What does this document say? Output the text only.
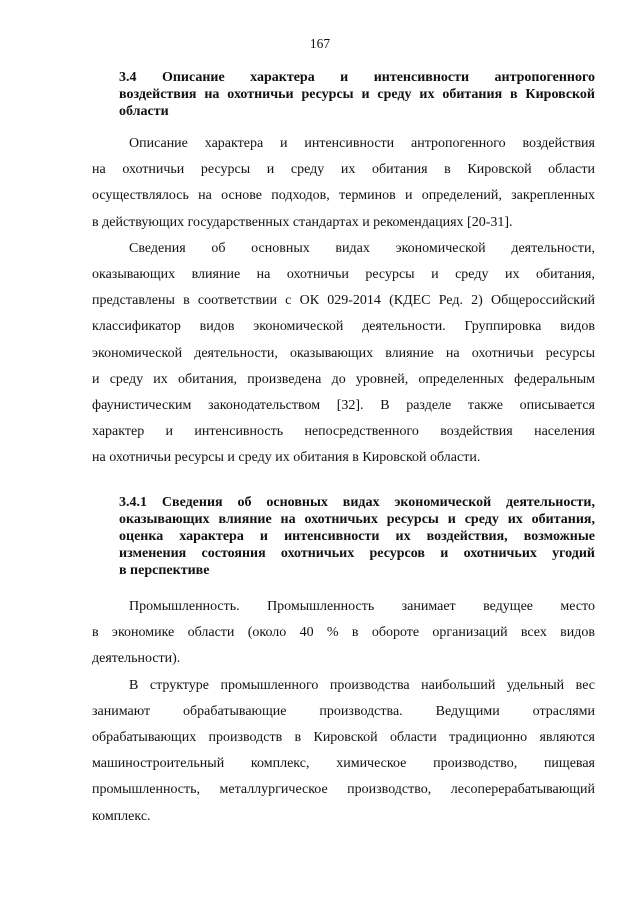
167
3.4 Описание характера и интенсивности антропогенного
воздействия на охотничьи ресурсы и среду их обитания в Кировской
области
Описание характера и интенсивности антропогенного воздействия
на охотничьи ресурсы и среду их обитания в Кировской области
осуществлялось на основе подходов, терминов и определений, закрепленных
в действующих государственных стандартах и рекомендациях [20-31].
Сведения об основных видах экономической деятельности,
оказывающих влияние на охотничьи ресурсы и среду их обитания,
представлены в соответствии с ОК 029-2014 (КДЕС Ред. 2) Общероссийский
классификатор видов экономической деятельности. Группировка видов
экономической деятельности, оказывающих влияние на охотничьи ресурсы
и среду их обитания, произведена до уровней, определенных федеральным
фаунистическим законодательством [32]. В разделе также описывается
характер и интенсивность непосредственного воздействия населения
на охотничьи ресурсы и среду их обитания в Кировской области.
3.4.1 Сведения об основных видах экономической деятельности,
оказывающих влияние на охотничьих ресурсы и среду их обитания,
оценка характера и интенсивности их воздействия, возможные
изменения состояния охотничьих ресурсов и охотничьих угодий
в перспективе
Промышленность. Промышленность занимает ведущее место
в экономике области (около 40 % в обороте организаций всех видов
деятельности).
В структуре промышленного производства наибольший удельный вес
занимают обрабатывающие производства. Ведущими отраслями
обрабатывающих производств в Кировской области традиционно являются
машиностроительный комплекс, химическое производство, пищевая
промышленность, металлургическое производство, лесоперерабатывающий
комплекс.
